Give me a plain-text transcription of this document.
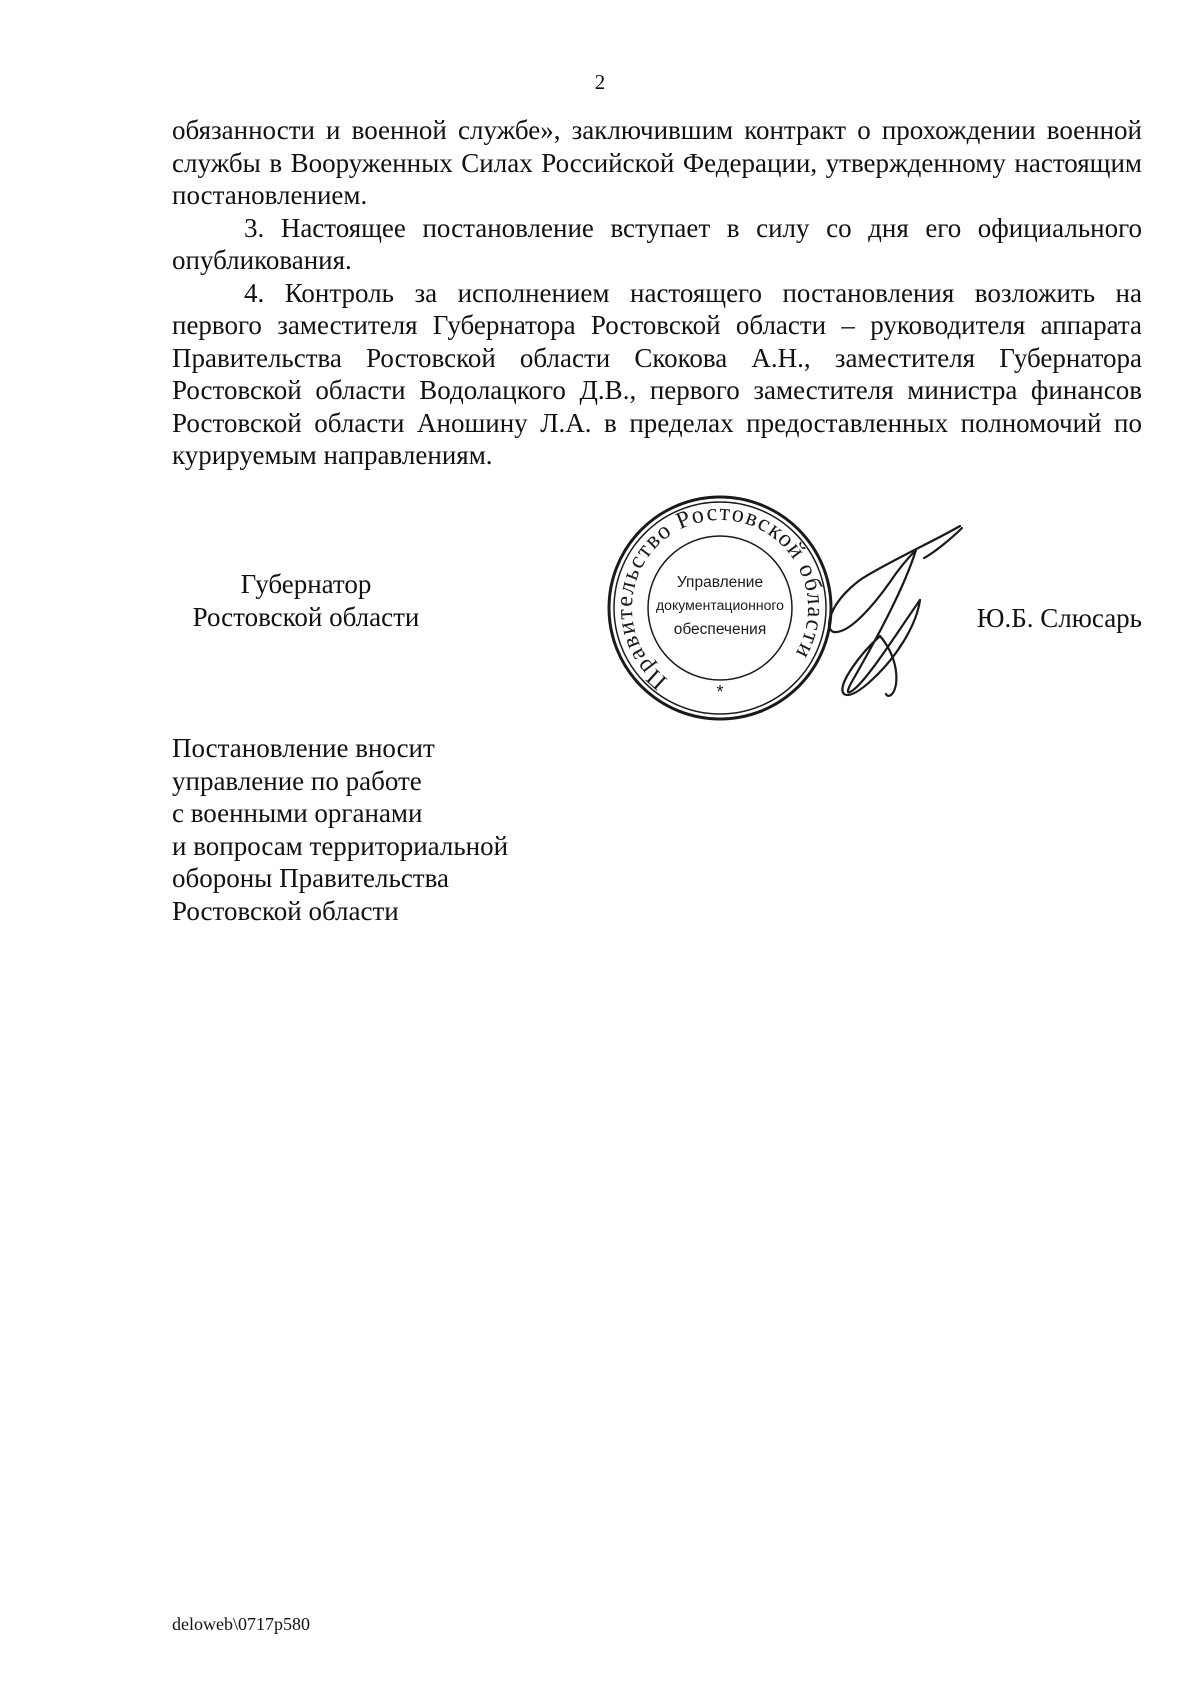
2

обязанности и военной службе», заключившим контракт о прохождении военной службы в Вооруженных Силах Российской Федерации, утвержденному настоящим постановлением.

3. Настоящее постановление вступает в силу со дня его официального опубликования.

4. Контроль за исполнением настоящего постановления возложить на первого заместителя Губернатора Ростовской области – руководителя аппарата Правительства Ростовской области Скокова А.Н., заместителя Губернатора Ростовской области Водолацкого Д.В., первого заместителя министра финансов Ростовской области Аношину Л.А. в пределах предоставленных полномочий по курируемым направлениям.

Губернатор
Ростовской области
Правительство Ростовской области
Управление
документационного
обеспечения
*
Ю.Б. Слюсарь
Постановление вносит
управление по работе
с военными органами
и вопросам территориальной
обороны Правительства
Ростовской области
deloweb\0717p580
